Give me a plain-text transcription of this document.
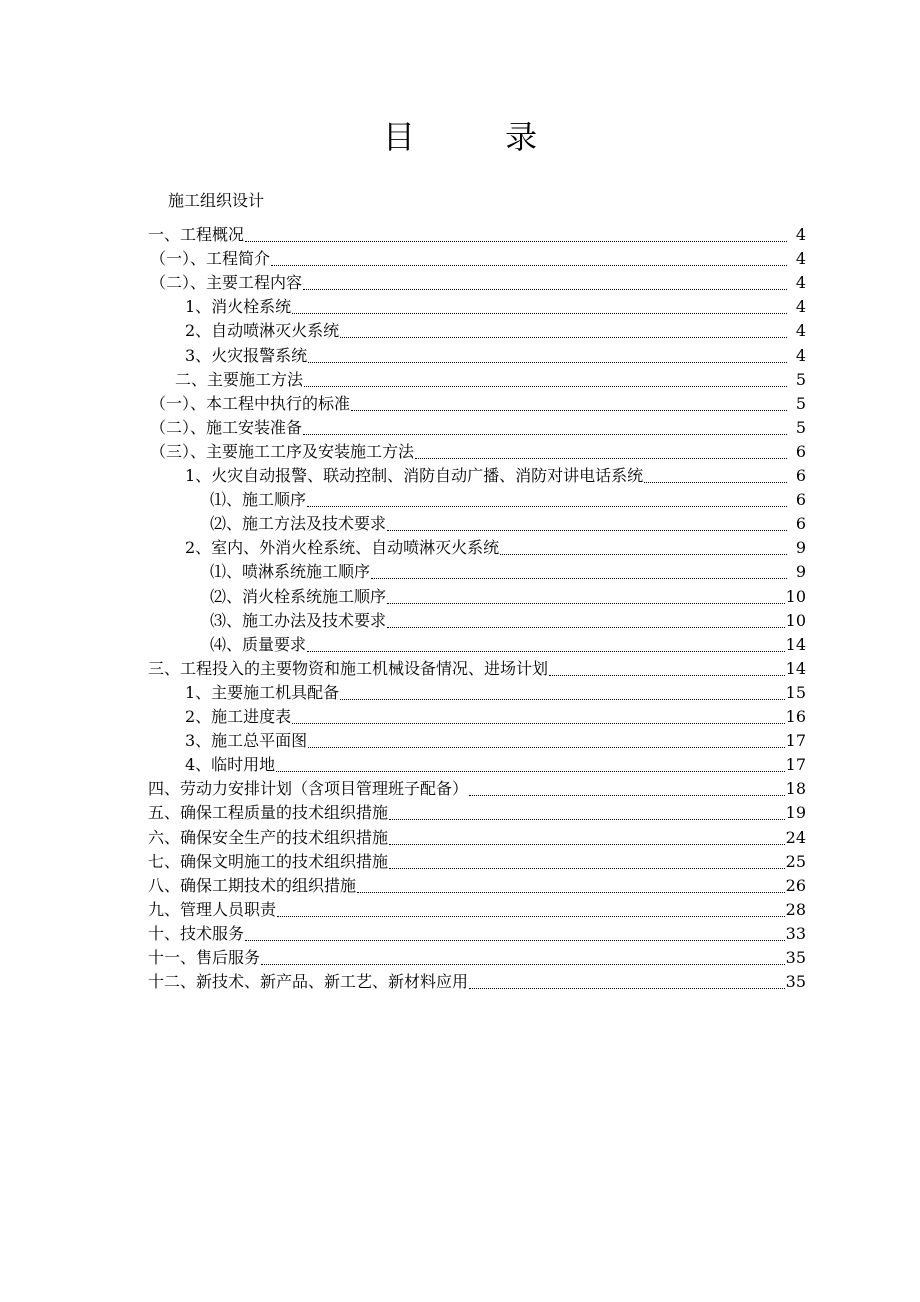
目 录
施工组织设计
一、工程概况	4
（一）、工程简介	4
（二）、主要工程内容	4
1、消火栓系统	4
2、自动喷淋灭火系统	4
3、火灾报警系统	4
二、主要施工方法	5
（一）、本工程中执行的标准	5
（二）、施工安装准备	5
（三）、主要施工工序及安装施工方法	6
1、火灾自动报警、联动控制、消防自动广播、消防对讲电话系统	6
⑴、施工顺序	6
⑵、施工方法及技术要求	6
2、室内、外消火栓系统、自动喷淋灭火系统	9
⑴、喷淋系统施工顺序	9
⑵、消火栓系统施工顺序	10
⑶、施工办法及技术要求	10
⑷、质量要求	14
三、工程投入的主要物资和施工机械设备情况、进场计划	14
1、主要施工机具配备	15
2、施工进度表	16
3、施工总平面图	17
4、临时用地	17
四、劳动力安排计划（含项目管理班子配备）	18
五、确保工程质量的技术组织措施	19
六、确保安全生产的技术组织措施	24
七、确保文明施工的技术组织措施	25
八、确保工期技术的组织措施	26
九、管理人员职责	28
十、技术服务	33
十一、售后服务	35
十二、新技术、新产品、新工艺、新材料应用	35
